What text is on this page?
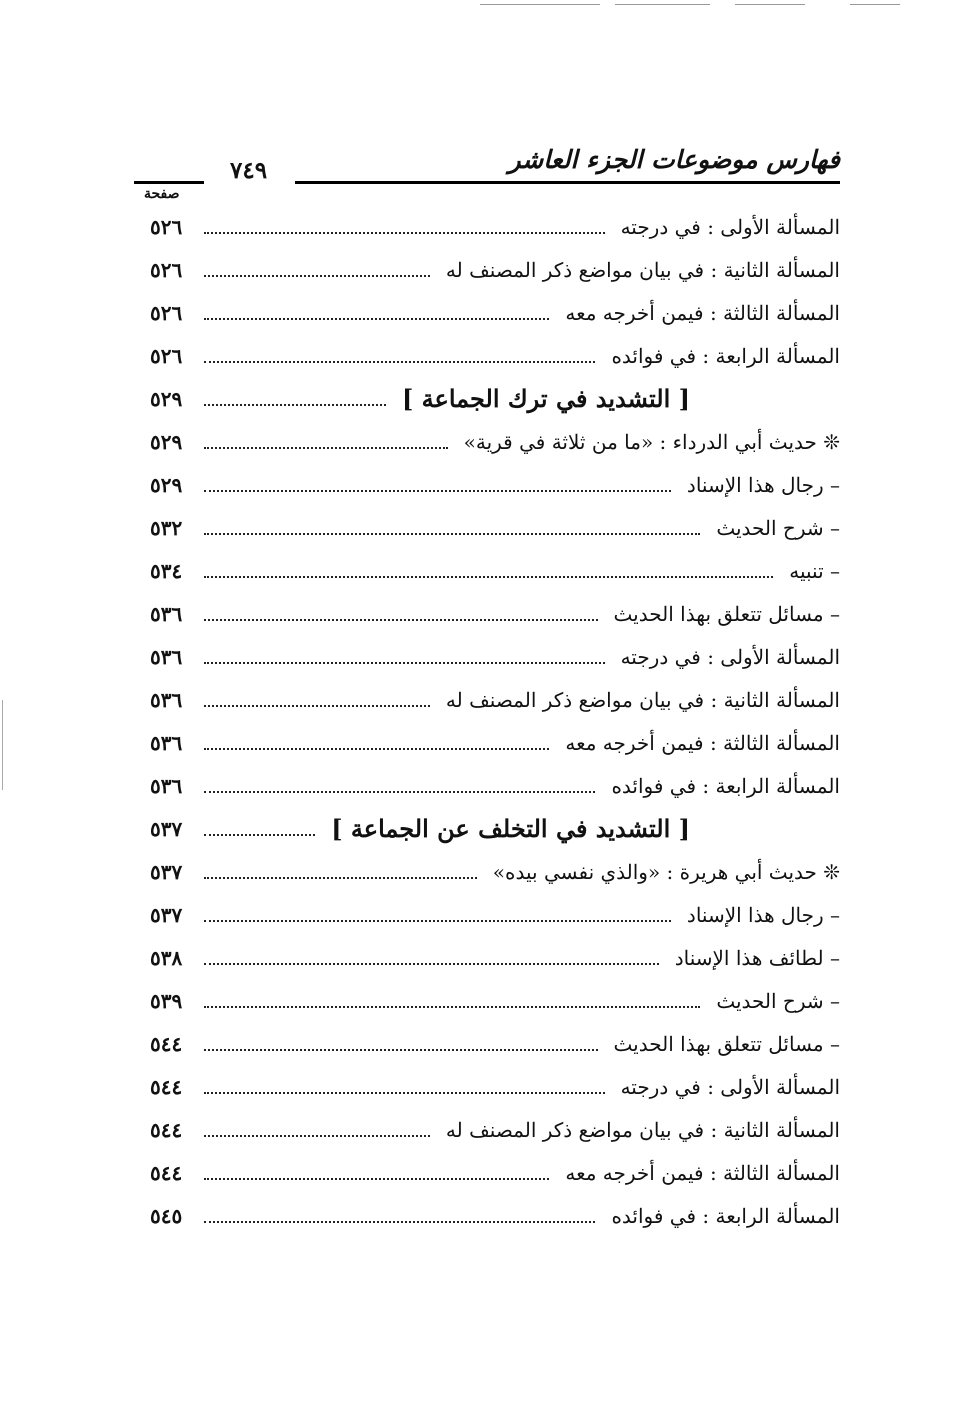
فهارس موضوعات الجزء العاشر
٧٤٩
صفحة
المسألة الأولى : في درجته
٥٢٦
المسألة الثانية : في بيان مواضع ذكر المصنف له
٥٢٦
المسألة الثالثة : فيمن أخرجه معه
٥٢٦
المسألة الرابعة : في فوائده
٥٢٦
[ التشديد في ترك الجماعة ]
٥٢٩
❊ حديث أبي الدرداء : «ما من ثلاثة في قرية»
٥٢٩
– رجال هذا الإسناد
٥٢٩
– شرح الحديث
٥٣٢
– تنبيه
٥٣٤
– مسائل تتعلق بهذا الحديث
٥٣٦
المسألة الأولى : في درجته
٥٣٦
المسألة الثانية : في بيان مواضع ذكر المصنف له
٥٣٦
المسألة الثالثة : فيمن أخرجه معه
٥٣٦
المسألة الرابعة : في فوائده
٥٣٦
[ التشديد في التخلف عن الجماعة ]
٥٣٧
❊ حديث أبي هريرة : «والذي نفسي بيده»
٥٣٧
– رجال هذا الإسناد
٥٣٧
– لطائف هذا الإسناد
٥٣٨
– شرح الحديث
٥٣٩
– مسائل تتعلق بهذا الحديث
٥٤٤
المسألة الأولى : في درجته
٥٤٤
المسألة الثانية : في بيان مواضع ذكر المصنف له
٥٤٤
المسألة الثالثة : فيمن أخرجه معه
٥٤٤
المسألة الرابعة : في فوائده
٥٤٥
